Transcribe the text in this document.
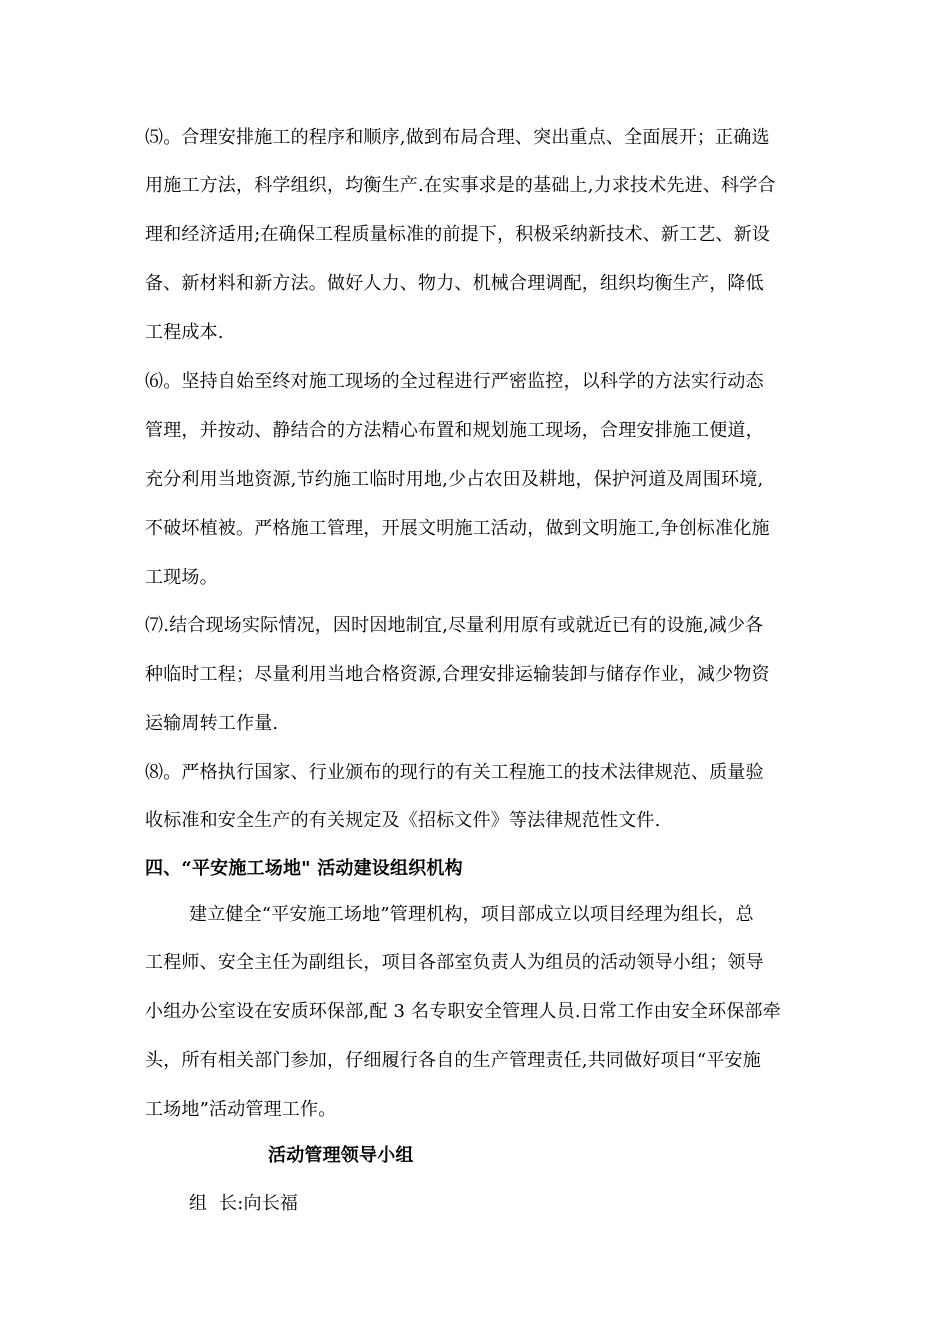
⑸。合理安排施工的程序和顺序,做到布局合理、突出重点、全面展开；正确选
用施工方法，科学组织，均衡生产.在实事求是的基础上,力求技术先进、科学合
理和经济适用;在确保工程质量标准的前提下，积极采纳新技术、新工艺、新设
备、新材料和新方法。做好人力、物力、机械合理调配，组织均衡生产，降低
工程成本.
⑹。坚持自始至终对施工现场的全过程进行严密监控，以科学的方法实行动态
管理，并按动、静结合的方法精心布置和规划施工现场，合理安排施工便道，
充分利用当地资源,节约施工临时用地,少占农田及耕地，保护河道及周围环境,
不破坏植被。严格施工管理，开展文明施工活动，做到文明施工,争创标准化施
工现场。
⑺.结合现场实际情况，因时因地制宜,尽量利用原有或就近已有的设施,减少各
种临时工程；尽量利用当地合格资源,合理安排运输装卸与储存作业，减少物资
运输周转工作量.
⑻。严格执行国家、行业颁布的现行的有关工程施工的技术法律规范、质量验
收标准和安全生产的有关规定及《招标文件》等法律规范性文件.
四、“平安施工场地" 活动建设组织机构
建立健全“平安施工场地”管理机构，项目部成立以项目经理为组长，总
工程师、安全主任为副组长，项目各部室负责人为组员的活动领导小组；领导
小组办公室设在安质环保部,配 3 名专职安全管理人员.日常工作由安全环保部牵
头，所有相关部门参加，仔细履行各自的生产管理责任,共同做好项目“平安施
工场地”活动管理工作。
活动管理领导小组
组  长:向长福
